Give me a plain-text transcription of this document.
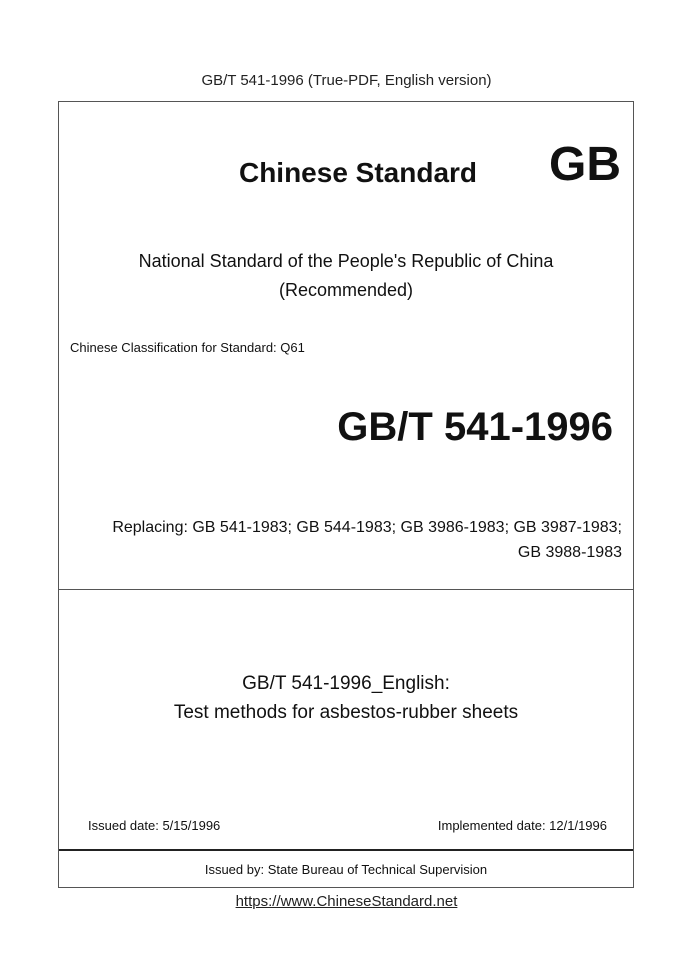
GB/T 541-1996 (True-PDF, English version)
Chinese Standard	GB
National Standard of the People's Republic of China
(Recommended)
Chinese Classification for Standard: Q61
GB/T 541-1996
Replacing: GB 541-1983; GB 544-1983; GB 3986-1983; GB 3987-1983;
GB 3988-1983
GB/T 541-1996_English:
Test methods for asbestos-rubber sheets
Issued date: 5/15/1996	Implemented date: 12/1/1996
Issued by: State Bureau of Technical Supervision
https://www.ChineseStandard.net
